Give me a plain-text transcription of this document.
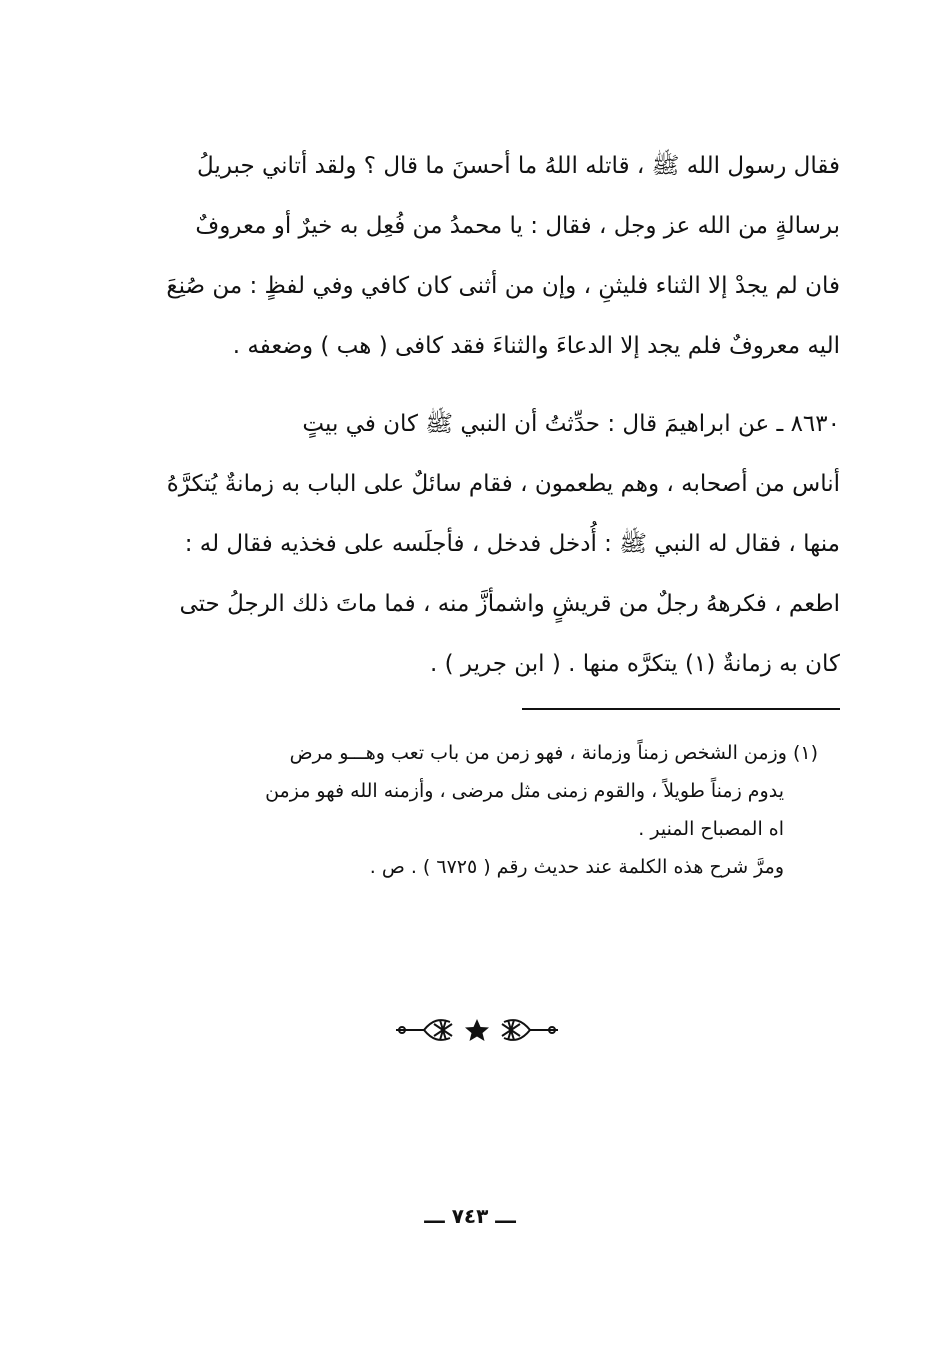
فقال رسول الله ﷺ ، قاتله اللهُ ما أحسنَ ما قال ؟ ولقد أتاني جبريلُ
برسالةٍ من الله عز وجل ، فقال : يا محمدُ من فُعِل به خيرٌ أو معروفٌ
فان لم يجدْ إلا الثناء فليثنِ ، وإن من أثنى كان كافي وفي لفظٍ : من صُنِعَ
اليه معروفٌ فلم يجد إلا الدعاءَ والثناءَ فقد كافى ( هب ) وضعفه .
٨٦٣٠ ـ عن ابراهيمَ قال : حدِّثتُ أن النبي ﷺ كان في بيتٍ
أناس من أصحابه ، وهم يطعمون ، فقام سائلٌ على الباب به زمانةٌ يُتكرَّهُ
منها ، فقال له النبي ﷺ : أُدخل فدخل ، فأجلَسه على فخذيه فقال له :
اطعم ، فكرههُ رجلٌ من قريشٍ واشمأزَّ منه ، فما ماتَ ذلك الرجلُ حتى
كان به زمانةٌ (١) يتكرَّه منها . ( ابن جرير ) .
(١) وزمن الشخص زمناً وزمانة ، فهو زمن من باب تعب وهـــو مرض
يدوم زمناً طويلاً ، والقوم زمنى مثل مرضى ، وأزمنه الله فهو مزمن
اه المصباح المنير .
ومرَّ شرح هذه الكلمة عند حديث رقم ( ٦٧٢٥ ) . ص .
ـــ ٧٤٣ ـــ
